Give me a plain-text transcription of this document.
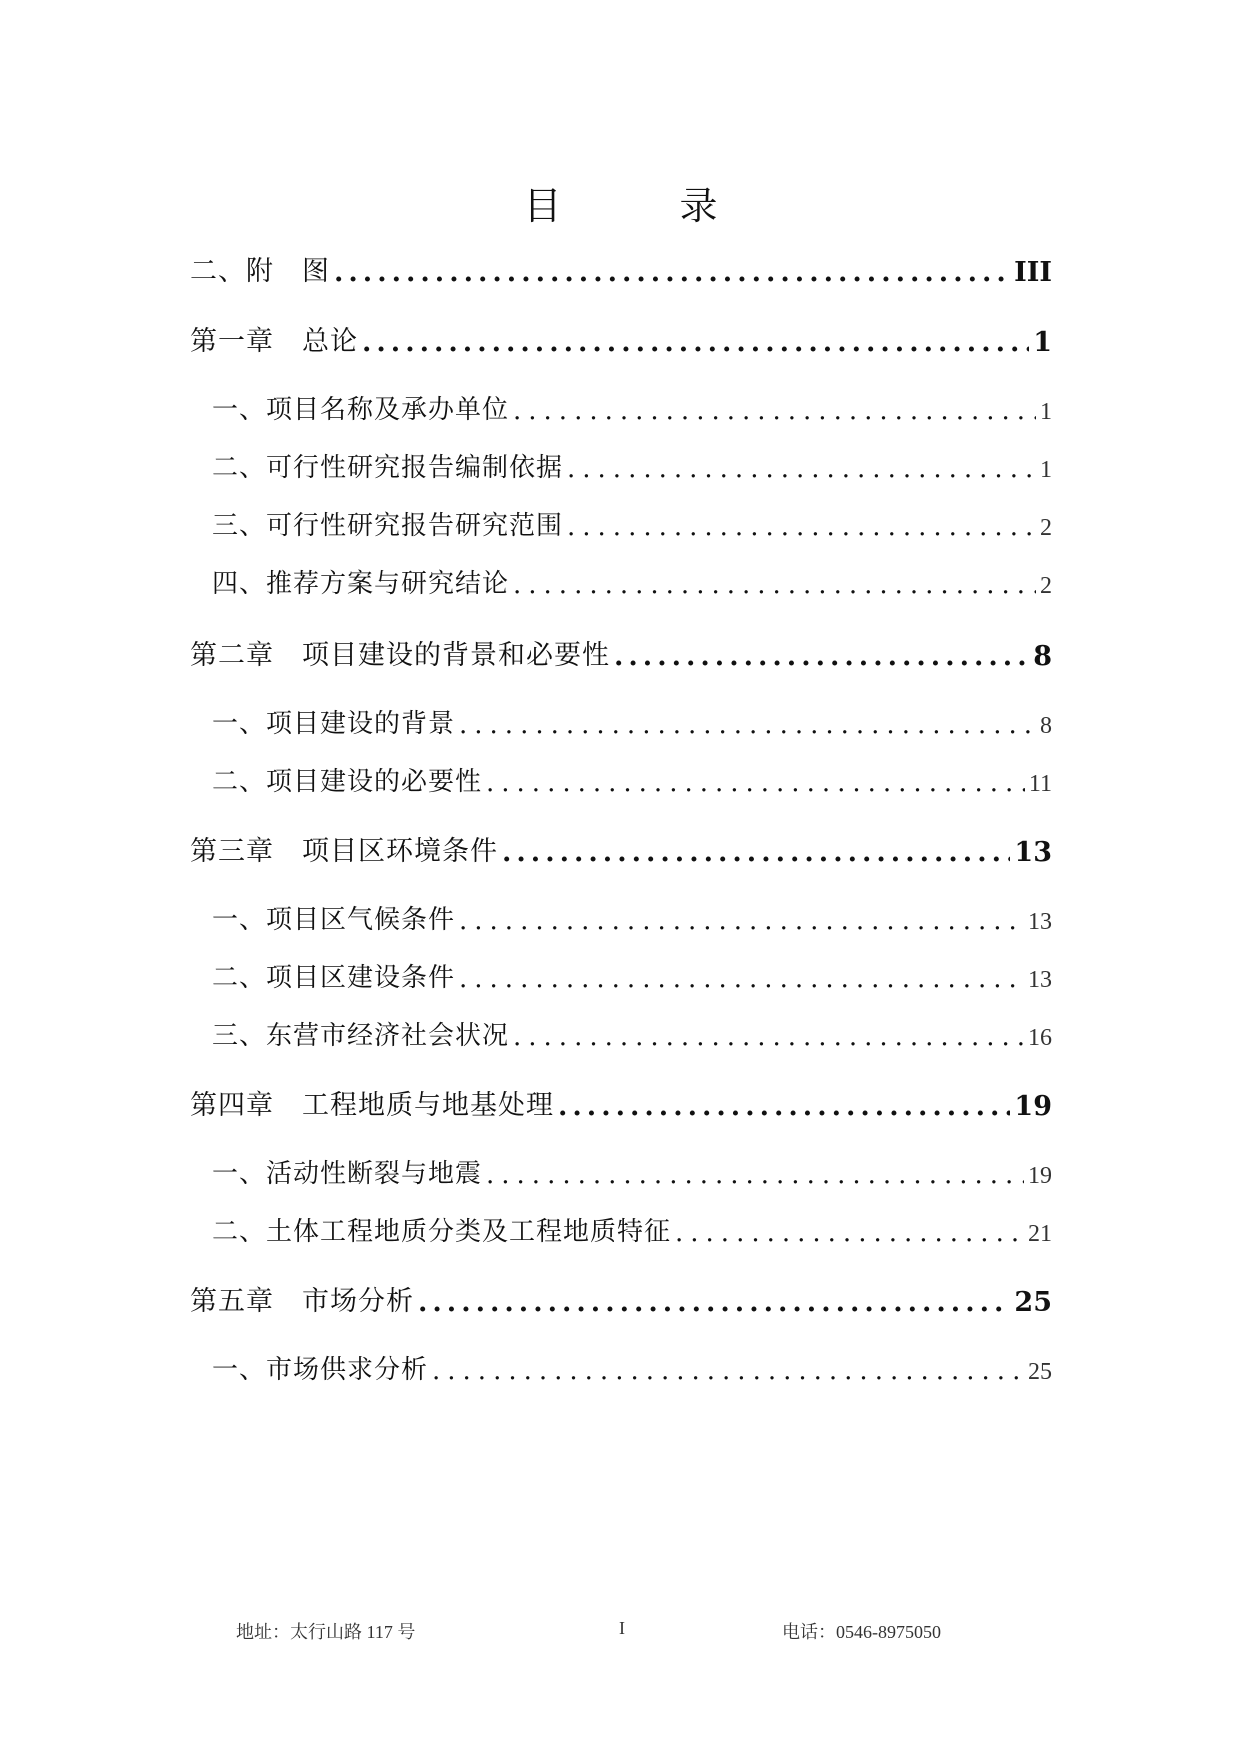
目　录
二、附　图 .....	III
第一章　总论 .....	1
一、项目名称及承办单位 .....	1
二、可行性研究报告编制依据 .....	1
三、可行性研究报告研究范围 .....	2
四、推荐方案与研究结论 .....	2
第二章　项目建设的背景和必要性 .....	8
一、项目建设的背景 .....	8
二、项目建设的必要性 .....	11
第三章　项目区环境条件 .....	13
一、项目区气候条件 .....	13
二、项目区建设条件 .....	13
三、东营市经济社会状况 .....	16
第四章　工程地质与地基处理 .....	19
一、活动性断裂与地震 .....	19
二、土体工程地质分类及工程地质特征 .....	21
第五章　市场分析 .....	25
一、市场供求分析 .....	25
地址：太行山路 117 号	I	电话：0546-8975050
